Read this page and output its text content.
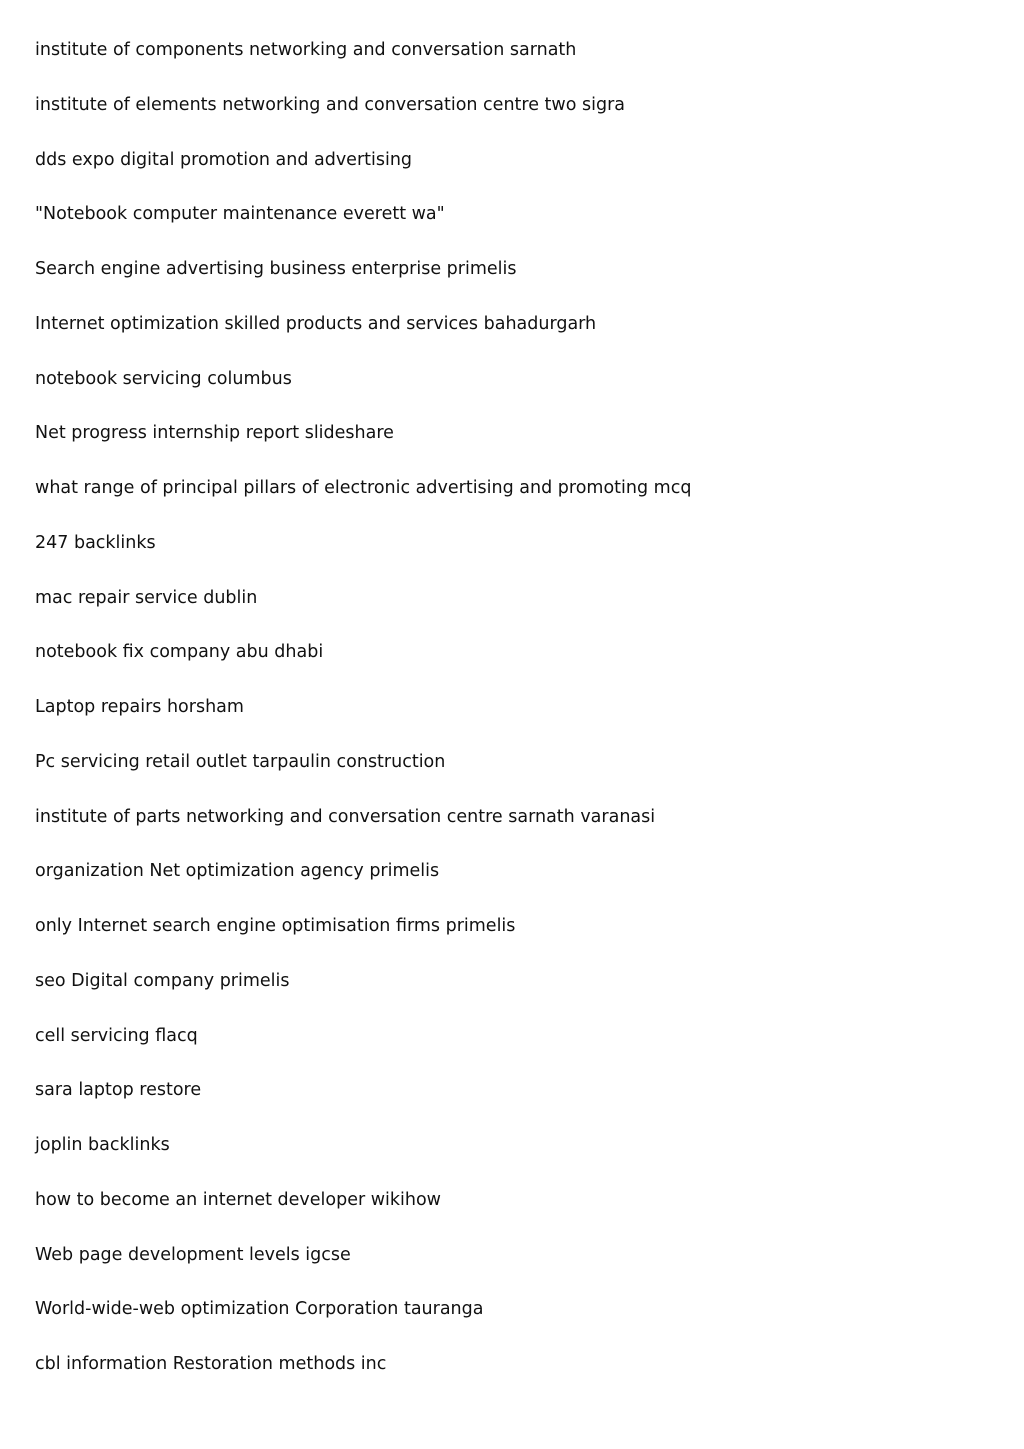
institute of components networking and conversation sarnath
institute of elements networking and conversation centre two sigra
dds expo digital promotion and advertising
"Notebook computer maintenance everett wa"
Search engine advertising business enterprise primelis
Internet optimization skilled products and services bahadurgarh
notebook servicing columbus
Net progress internship report slideshare
what range of principal pillars of electronic advertising and promoting mcq
247 backlinks
mac repair service dublin
notebook fix company abu dhabi
Laptop repairs horsham
Pc servicing retail outlet tarpaulin construction
institute of parts networking and conversation centre sarnath varanasi
organization Net optimization agency primelis
only Internet search engine optimisation firms primelis
seo Digital company primelis
cell servicing flacq
sara laptop restore
joplin backlinks
how to become an internet developer wikihow
Web page development levels igcse
World-wide-web optimization Corporation tauranga
cbl information Restoration methods inc
